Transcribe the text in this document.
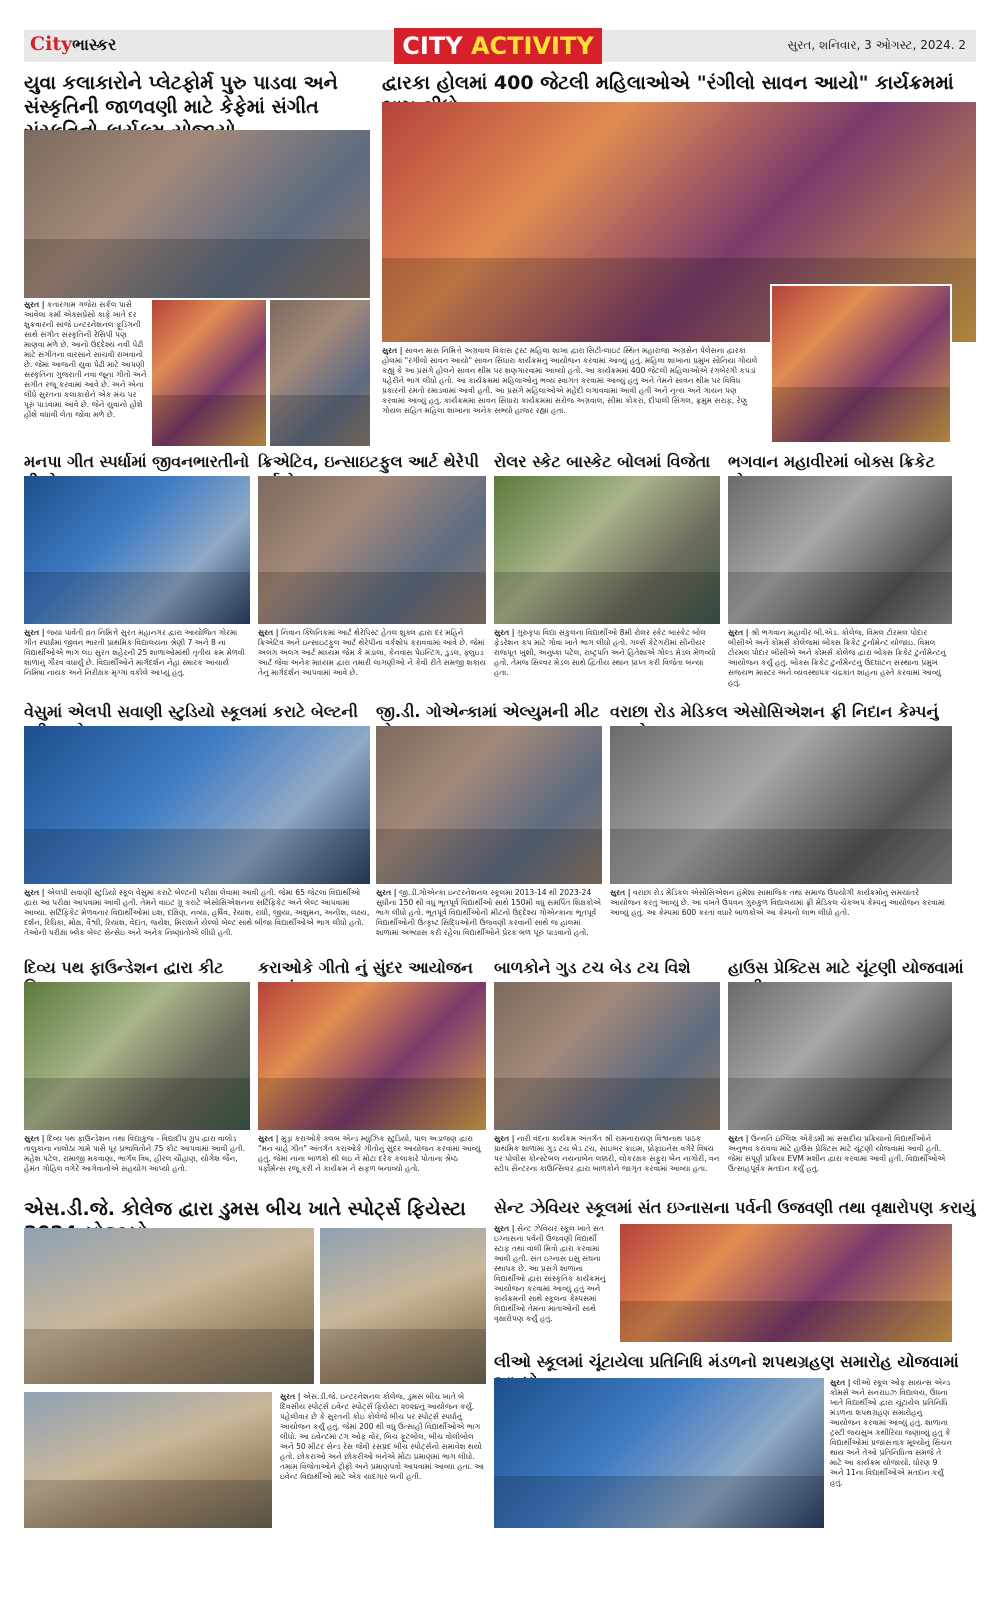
Cityભાસ્કર	CITY ACTIVITY	સુરત, શનિવાર, 3 ઓગસ્ટ, 2024. 2
યુવા કલાકારોને પ્લેટફોર્મ પુરુ પાડવા અને સંસ્કૃતિની જાળવણી માટે કેફેમાં સંગીત
સુરત | કતારગામ ગજેરા સર્કલ પાસે આવેલા કર્મા એક્સપ્રેસો કાફે ખાતે દર શુક્રવારની સાંજે ઇન્ટરનેશનલ ફૂડિંગની સાથે સંગીત સંસ્કૃતિની રેસિપી પણ માણવા મળે છે. આનો ઉદ્દેશ્ય નવી પેઢી માટે સંગીતના વારસાને સાચવી રાખવાનો છે. જેમાં આજની યુવા પેઢી માટે આપણી સંસ્કૃતિના ગુજરાતી નવા જૂના ગીતો અને સંગીત રજૂ કરવામાં આવે છે. અને એના લીધે સુરતના કલાકારોને એક મંચ પર પૂરું પાડવામાં આવે છે. જેને યુવાનો હોંશે હોંશે વધાવી લેતા જોવા મળે છે.
દ્વારકા હોલમાં 400 જેટલી મહિલાઓએ "રંગીલો સાવન આયો" કાર્યક્રમમાં
સુરત | સાવન માસ નિમિત્તે અગ્રવાલ વિકાસ ટ્રસ્ટ મહિલા શાખા દ્વારા સિટી-લાઇટ સ્થિત મહારાજા અગ્રસેન પેલેસના દ્વારકા હોલમાં "રંગીલો સાવન આયો" સાવન સિંધારા કાર્યક્રમનું આયોજન કરવામાં આવ્યું હતું. મહિલા શાખાના પ્રમુખ સોનિયા ગોયલે કહ્યું કે આ પ્રસંગે હોલને સાવન થીમ પર શણગારવામાં આવ્યો હતો. આ કાર્યક્રમમાં 400 જેટલી મહિલાઓએ રંગબેરંગી કપડાં પહેરીને ભાગ લીધો હતો. આ કાર્યક્રમમાં મહિલાઓનું ભવ્ય સ્વાગત કરવામાં આવ્યું હતું અને તેમને સાવન થીમ પર વિવિધ પ્રકારની રમતો રમાડવામાં આવી હતી. આ પ્રસંગે મહિલાઓએ મહેંદી લગાવવામાં આવી હતી અને નૃત્ય અને ગાયન પણ કરવામાં આવ્યું હતું. કાર્યક્રમમાં સાવન સિંધારા કાર્યક્રમમાં સરોજ અગ્રવાલ, સીમા કોકરા, દીપાલી સિંગલ, ફ્રમુમ સરાફ, રેણુ ગોયલ સહિત મહિલા શાખાના અનેક સભ્યો હાજર રહ્યા હતા.
મનપા ગીત સ્પર્ધામાં જીવનભારતીનો
સુરત | જયા પાર્વતી વ્રત નિમિત્તે સુરત મહાનગર દ્વારા આયોજિત ગોરમા ગીત સ્પર્ધામાં જીવન ભારતી પ્રાથમિક વિદ્યાલયના શ્રેણી 7 અને 8 ના વિદ્યાર્થીઓએ ભાગ લઇ સુરત શહેરની 25 શાળાઓમાંથી તૃતીય ક્રમ મેળવી શાળાનું ગૌરવ વધાર્યું છે. વિદ્યાર્થીઓને માર્ગદર્શન નેહા સ્મારક આચાર્ય નિમિષા નાયક અને નિરીક્ષક મૃગ્ગા વકીલે આપ્યું હતું.
ક્રિએટિવ, ઇન્સાઇટફુલ આર્ટ થેરેપી
સુરત | નિવાન ક્લિનિકમાં આર્ટ થેરેપિસ્ટ હેતલ શુક્લ દ્વારા દર મહિને ક્રિએટિવ અને ઇન્સાઇટફુલ આર્ટ થેરેપીના વર્કશોપ કરાવવામાં આવે છે. જેમાં અલગ અલગ આર્ટ માધ્યમ જેમ કે મંડાલા, કેનવાસ પેઇન્ટિંગ, ડુડલ, ફ્લુઇડ આર્ટ જેવા અનેક માધ્યમ દ્વારા તમારી લાગણીઓ ને કેવી રીતે સમજી શકાય તેનું માર્ગદર્શન આપવામાં આવે છે.
રોલર સ્કેટ બાસ્કેટ બોલમાં વિજેતા
સુરત | ગુરુકૃપા વિદ્યા સંકુલના વિદ્યાર્થીઓ 8મી રોલર સ્કેટ બાસ્કેટ બોલ ફેડરેશન કપ માટે ગોવા ખાતે ભાગ લીધો હતો. ગર્લ્સ કેટેગરીમાં સીનીયર રાજપૂત ખુશી, અનુષ્કા પટેલ, રાષ્ટ્રપતિ અને હિતેશાએ ગોલ્ડ મેડલ મેળવ્યો હતો. તેમજ સિલ્વર મેડલ સાથે દ્વિતીય સ્થાન પ્રાપ્ત કરી વિજેતા બન્યા હતા.
ભગવાન મહાવીરમાં બોક્સ ક્રિકેટ
સુરત | શ્રી ભગવાન મહાવીર બી.એડ. કોલેજ, વિમલ ટોરમલ પોદાર બીસીએ અને કોમર્સ કોલેજમાં બોક્સ ક્રિકેટ ટુર્નામેન્ટ યોજાઇ. વિમલ ટોરમલ પોદાર બીસીએ અને કોમર્સ કોલેજ દ્વારા બોક્સ ક્રિકેટ ટુર્નામેન્ટનું આયોજન કર્યું હતું. બોક્સ ક્રિકેટ ટુર્નામેન્ટનું ઉદઘાટન સંસ્થાના પ્રમુખ સંજયભ માસ્ટર અને વ્યવસ્થાપક ચંદ્રકાંત શાહના હસ્તે કરવામાં આવ્યું હતું.
વેસુમાં એલપી સવાણી સ્ટુડિયો સ્કૂલમાં કરાટે બેલ્ટની	જી.ડી. ગોએન્કામાં એલ્યુમની મીટ વરાછા રોડ મેડિકલ એસોસિએશન ફ્રી નિદાન કેમ્પનું
સુરત | એલપી સવાણી સ્ટુડિયો સ્કૂલ વેસુમાં કરાટે બેલ્ટની પરીક્ષા લેવામાં આવી હતી. જેમાં 65 જેટલા વિદ્યાર્થીઓ દ્વારા આ પરીક્ષા આપવામાં આવી હતી. તેમને વાઇટ ગ્રૂ કરાટે એસોસિએશનના સર્ટિફિકેટ અને બેલ્ટ આપવામાં આવ્યા. સર્ટિફિકેટ મેળવનાર વિદ્યાર્થીઓમાં ઇશ, દક્ષિણ, નવ્યા, હર્ષિવ, રેયાંશ, રાધી, જીયા, અંશુમન, અનીશ, લક્ષ્ય, દર્શન, રિધિકા, મોક્ષ, વૈશ્વી, રિયાંશ, વેદાંત, જયેશ, મિરાંશને યેલ્લો બેલ્ટ સાથે બીજા વિદ્યાર્થીઓએ ભાગ લીધો હતો. તેઓની પરીક્ષા બ્લેક બેલ્ટ સેન્સેઇ અને અનેક નિષ્ણાંતોએ લીધી હતી.
સુરત | જી.ડી.ગોએન્કા ઇન્ટરનેશનલ સ્કૂલમાં 2013-14 થી 2023-24 સુધીના 150 થી વધુ ભૂતપૂર્વ વિદ્યાર્થીઓ સાથે 150મી વધુ સમર્પિત શિક્ષકોએ ભાગ લીધો હતો. ભૂતપૂર્વ વિદ્યાર્થીઓની મીટનો ઉદ્દેશ્ય ગોએન્કાના ભૂતપૂર્વ વિદ્યાર્થીઓની ઉત્કૃષ્ટ સિદ્ધિઓની ઉજવણી કરવાની સાથે જ હાલમાં શાળામાં અભ્યાસ કરી રહેલા વિદ્યાર્થીઓને પ્રેરક બળ પૂરું પાડવાનો હતો.
સુરત | વરાછા રોડ મેડિકલ એસોસિએશન હંમેશા સામાજિક તથા સમાજ ઉપયોગી કાર્યક્રમોનું સમયાંતરે આયોજન કરતું આવ્યું છે. આ વખતે ઉપવન ગુરુકુળ વિદ્યાલયમાં ફ્રી મેડિકલ ચેકઅપ કેમ્પનું આયોજન કરવામાં આવ્યું હતું. આ કેમ્પમાં 600 કરતાં વધારે બાળકોએ આ કેમ્પનો લાભ લીધો હતો.
દિવ્ય પથ ફાઉન્ડેશન દ્વારા કીટ
સુરત | દિવ્ય પથ ફાઉન્ડેશન તથા વિદ્યાકુંજ - વિદ્યાદીપ ગ્રુપ દ્વારા વાલોડ તાલુકાના નાલોઠા ગામે પાસે પૂર પ્રભાવિતોને 75 કીટ આપવામાં આવી હતી. મહેશ પટેલ, રામાજી મકવાણા, ભાર્ગવ ત્રિષ, હીરલ ચૌહાણ, યોગેશ જૈન, હેમંત ગોહિલ વગેરે આગેવાનોએ સહયોગ આપ્યો હતો.
કરાઓકે ગીતો નું સુંદર આયોજન
સુરત | મુડ્રા કરાઓકે ક્લબ એન્ડ મ્યુઝિક સ્ટુડિયો, પાલ અડાજણ દ્વારા "મન ચાહે ગીત" અંતર્ગત કરાઓકે ગીતોનું સુંદર આયોજન કરવામાં આવ્યું હતું. જેમાં નાના બાળકો થી લઇ ને મોટા દરેક કલાકારે પોતાના શ્રેષ્ઠ પર્ફોર્મન્સ રજૂ કરી ને કાર્યક્રમ ને સફળ બનાવ્યો હતો.
બાળકોને ગુડ ટચ બેડ ટચ વિશે
સુરત | નારી વંદના કાર્યક્રમ અંતર્ગત શ્રી રામનારાયણ વિશ્વનાથ પાઠક પ્રાથમિક શાળામાં ગુડ ટચ બેડ ટચ, સાઇબર ક્રાઇમ, પ્રોફાઇનેસ વગેરે વિષય પર પોલીસ કોન્સ્ટેબલ નયનાબેન લક્કરી, લોકરક્ષક સફુરા બેન નાગોરી, વન સ્ટોપ સેન્ટરના કાઉન્સિલર દ્વારા બાળકોને જાગૃત કરવામાં આવ્યા હતા.
હાઉસ પ્રેક્ટિસ માટે ચૂંટણી યોજવામાં
સુરત | ઉન્નતિ ઇંગ્લિશ એકેડમી માં સંસદીય પ્રક્રિયાનો વિદ્યાર્થીઓને અનુભવ કરાવવા માટે હાઉસ પ્રેક્ટિસ માટે ચૂંટણી યોજવામાં આવી હતી. જેમાં સંપૂર્ણ પ્રક્રિયા EVM મશીન દ્વારા કરવામાં આવી હતી. વિદ્યાર્થીઓએ ઉત્સાહપૂર્વક મતદાન કર્યું હતું.
એસ.ડી.જે. કોલેજ દ્વારા ડુમસ બીચ ખાતે સ્પોર્ટ્સ ફિયેસ્ટા
સુરત | એસ.ડી.જે. ઇન્ટરનેશનલ કોલેજ, ડુમસ બીચ ખાતે બે દિવસીય સ્પોર્ટ્સ ઇવેન્ટ સ્પોર્ટ્સ ફિયેસ્ટા ૨૦૨૪નું આયોજન કર્યું. પહેલીવાર છે કે સુરતની કોઇ કોલેજે બીચ પર સ્પોર્ટ્સ સ્પર્ધાનું આયોજન કર્યું હતું. જેમાં 200 થી વધુ ઉત્સાહી વિદ્યાર્થીઓએ ભાગ લીધો. આ ઇવેન્ટમાં ટગ ઓફ વોર, બિચ ફૂટબોલ, બીચ વોલીબોલ અને 50 મીટર સેન્ડ રેસ જેવી રસપ્રદ બીચ સ્પોર્ટ્સનો સમાવેશ થયો હતો. છોકરાઓ અને છોકરીઓ બંનેએ મોટા પ્રમાણમાં ભાગ લીધો. તમામ વિજેતાઓને ટ્રોફી અને પ્રમાણપત્રો આપવામાં આવ્યા હતા. આ ઇવેન્ટ વિદ્યાર્થીઓ માટે એક યાદગાર બની હતી.
સેન્ટ ઝેવિયર સ્કૂલમાં સંત ઇગ્નાસના પર્વની ઉજવણી તથા વૃક્ષારોપણ કરાયું
સુરત | સેન્ટ ઝેવિયર સ્કૂલ ખાતે સંત ઇગ્નાસના પર્વની ઉજવણી વિદ્યાર્થી સ્ટાફ તથા વાલી મિત્રો દ્વારા કરવામાં આવી હતી. સંત ઇગ્નાસ ઇસુ સંઘના સ્થાપક છે. આ પ્રસંગે શાળાના વિદ્યાર્થીઓ દ્વારા સાંસ્કૃતિક કાર્યક્રમનું આયોજન કરવામાં આવ્યું હતું અને કાર્યક્રમની સાથે સ્કૂલના કેમ્પસમાં વિદ્યાર્થીઓ તેમના માતાઓની સાથે વૃક્ષારોપણ કર્યું હતું.
લીઓ સ્કૂલમાં ચૂંટાયેલા પ્રતિનિધિ મંડળનો શપથગ્રહણ સમારોહ યોજવામાં
સુરત | લીઓ સ્કૂલ ઓફ સાયન્સ એન્ડ કોમર્સ અને સનરાઇઝ વિદ્યાલય, ઉધના ખાતે વિદ્યાર્થીઓ દ્વારા ચૂંટાયેલ પ્રતિનિધિ મંડળના શપથગ્રહણ સમારોહનું આયોજન કરવામાં આવ્યું હતું. શાળાના ટ્રસ્ટી જયસુખ કથીરિયા જણાવ્યું હતું કે વિદ્યાર્થીઓમાં પ્રજાસત્તાક મૂલ્યોનું સિંચન થાય અને તેઓ પ્રતિનિધિત્વ સમજે તે માટે આ કાર્યક્રમ યોજાયો. ધોરણ 9 અને 11ના વિદ્યાર્થીઓએ મતદાન કર્યું હતું.
